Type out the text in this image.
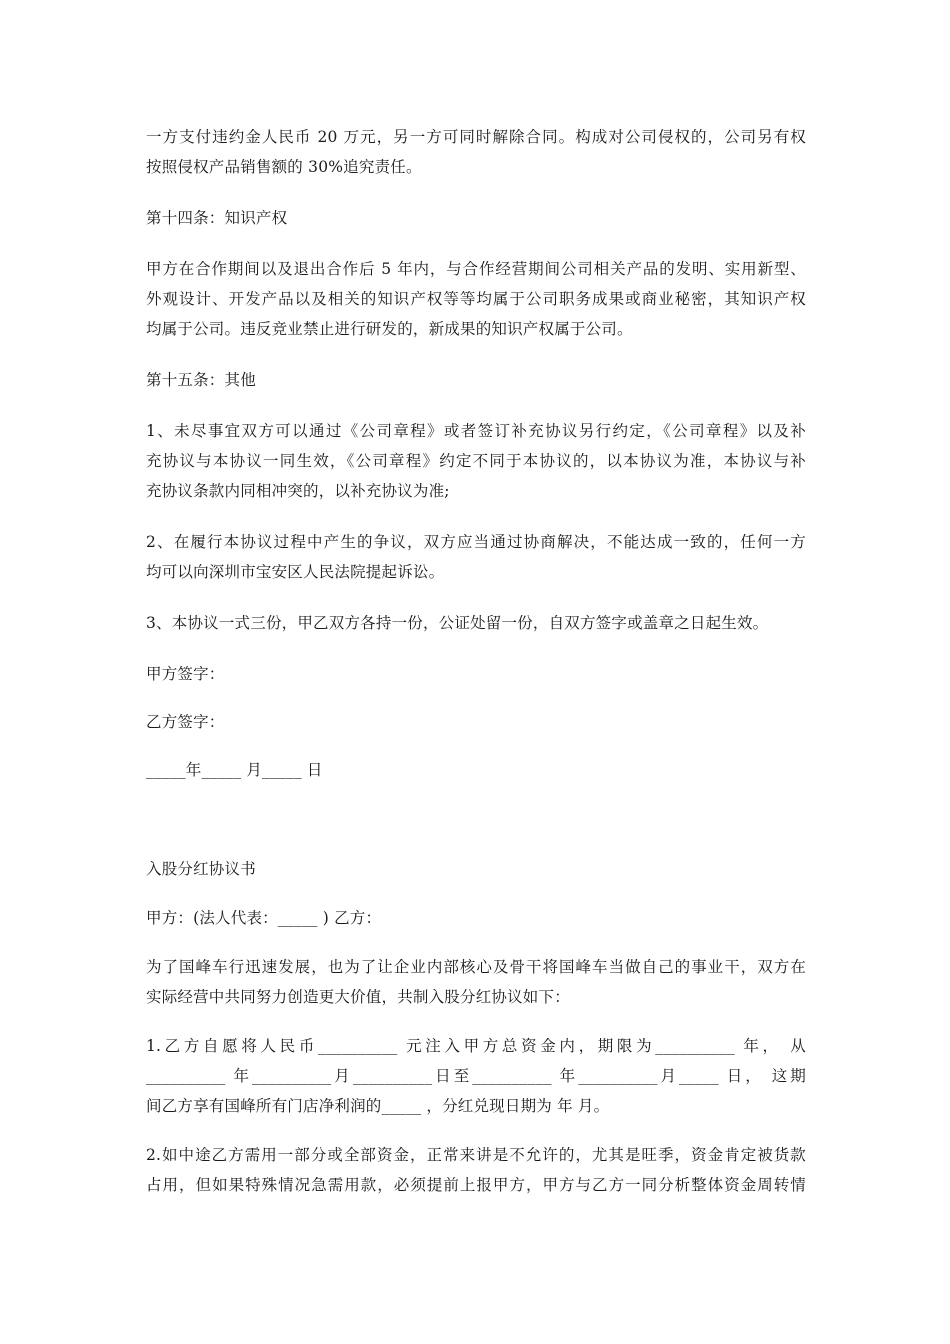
一方支付违约金人民币 20 万元，另一方可同时解除合同。构成对公司侵权的，公司另有权
按照侵权产品销售额的 30%追究责任。
第十四条：知识产权
甲方在合作期间以及退出合作后 5 年内，与合作经营期间公司相关产品的发明、实用新型、
外观设计、开发产品以及相关的知识产权等等均属于公司职务成果或商业秘密，其知识产权
均属于公司。违反竞业禁止进行研发的，新成果的知识产权属于公司。
第十五条：其他
1、未尽事宜双方可以通过《公司章程》或者签订补充协议另行约定，《公司章程》以及补
充协议与本协议一同生效，《公司章程》约定不同于本协议的，以本协议为准，本协议与补
充协议条款内同相冲突的，以补充协议为准;
2、在履行本协议过程中产生的争议，双方应当通过协商解决，不能达成一致的，任何一方
均可以向深圳市宝安区人民法院提起诉讼。
3、本协议一式三份，甲乙双方各持一份，公证处留一份，自双方签字或盖章之日起生效。
甲方签字：
乙方签字：
_____年_____ 月_____ 日
入股分红协议书
甲方：(法人代表：_____ ) 乙方：
为了国峰车行迅速发展，也为了让企业内部核心及骨干将国峰车当做自己的事业干，双方在
实际经营中共同努力创造更大价值，共制入股分红协议如下：
1.乙方自愿将人民币__________ 元注入甲方总资金内，期限为__________ 年， 从
__________ 年__________月__________日至__________ 年__________月_____ 日， 这期
间乙方享有国峰所有门店净利润的_____ ，分红兑现日期为 年 月。
2.如中途乙方需用一部分或全部资金，正常来讲是不允许的，尤其是旺季，资金肯定被货款
占用，但如果特殊情况急需用款，必须提前上报甲方，甲方与乙方一同分析整体资金周转情
